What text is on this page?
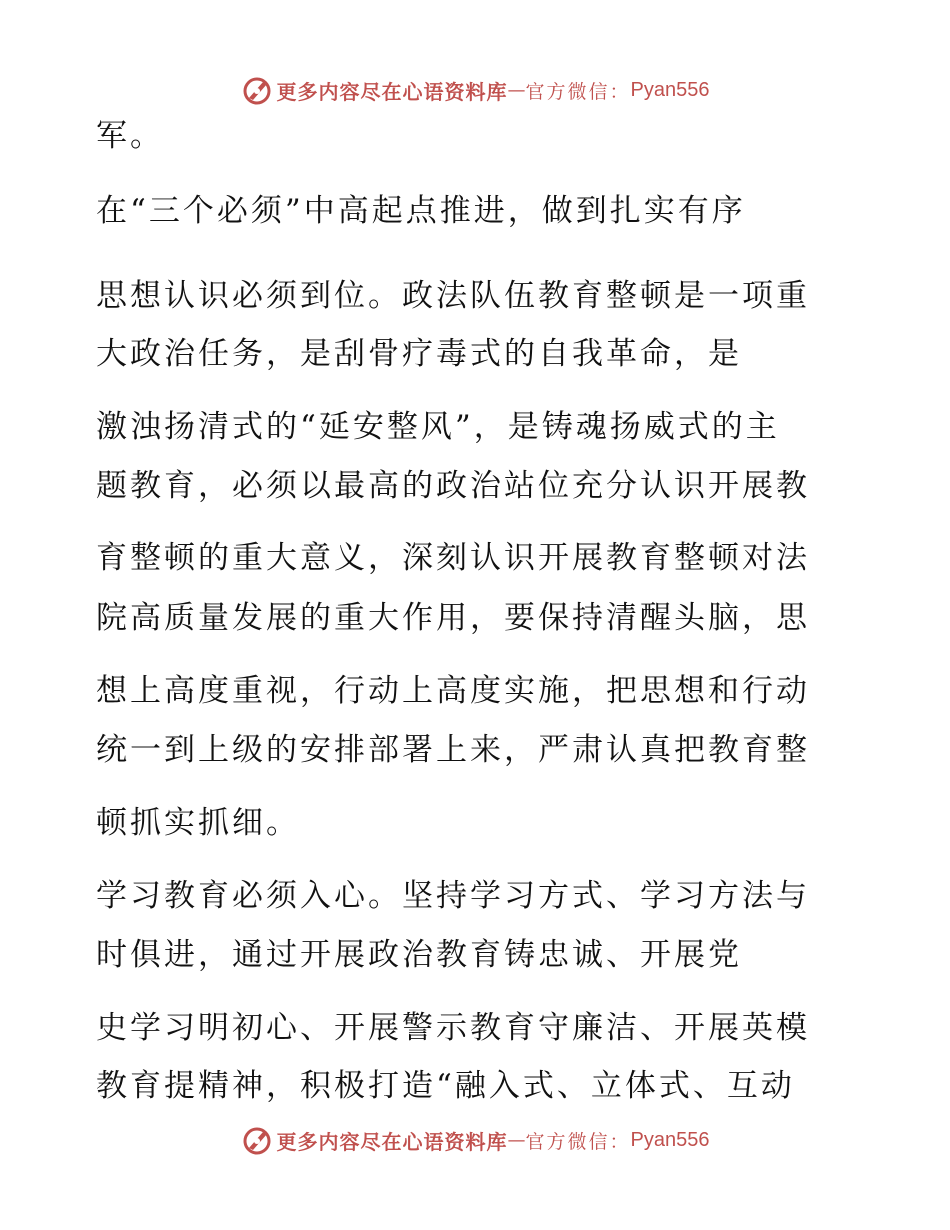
更多内容尽在心语资料库 — 官方微信： Pyan556
军。
在“三个必须”中高起点推进，做到扎实有序
思想认识必须到位。政法队伍教育整顿是一项重
大政治任务，是刮骨疗毒式的自我革命，是
激浊扬清式的“延安整风”，是铸魂扬威式的主
题教育，必须以最高的政治站位充分认识开展教
育整顿的重大意义，深刻认识开展教育整顿对法
院高质量发展的重大作用，要保持清醒头脑，思
想上高度重视，行动上高度实施，把思想和行动
统一到上级的安排部署上来，严肃认真把教育整
顿抓实抓细。
学习教育必须入心。坚持学习方式、学习方法与
时俱进，通过开展政治教育铸忠诚、开展党
史学习明初心、开展警示教育守廉洁、开展英模
教育提精神，积极打造“融入式、立体式、互动
更多内容尽在心语资料库 — 官方微信： Pyan556
